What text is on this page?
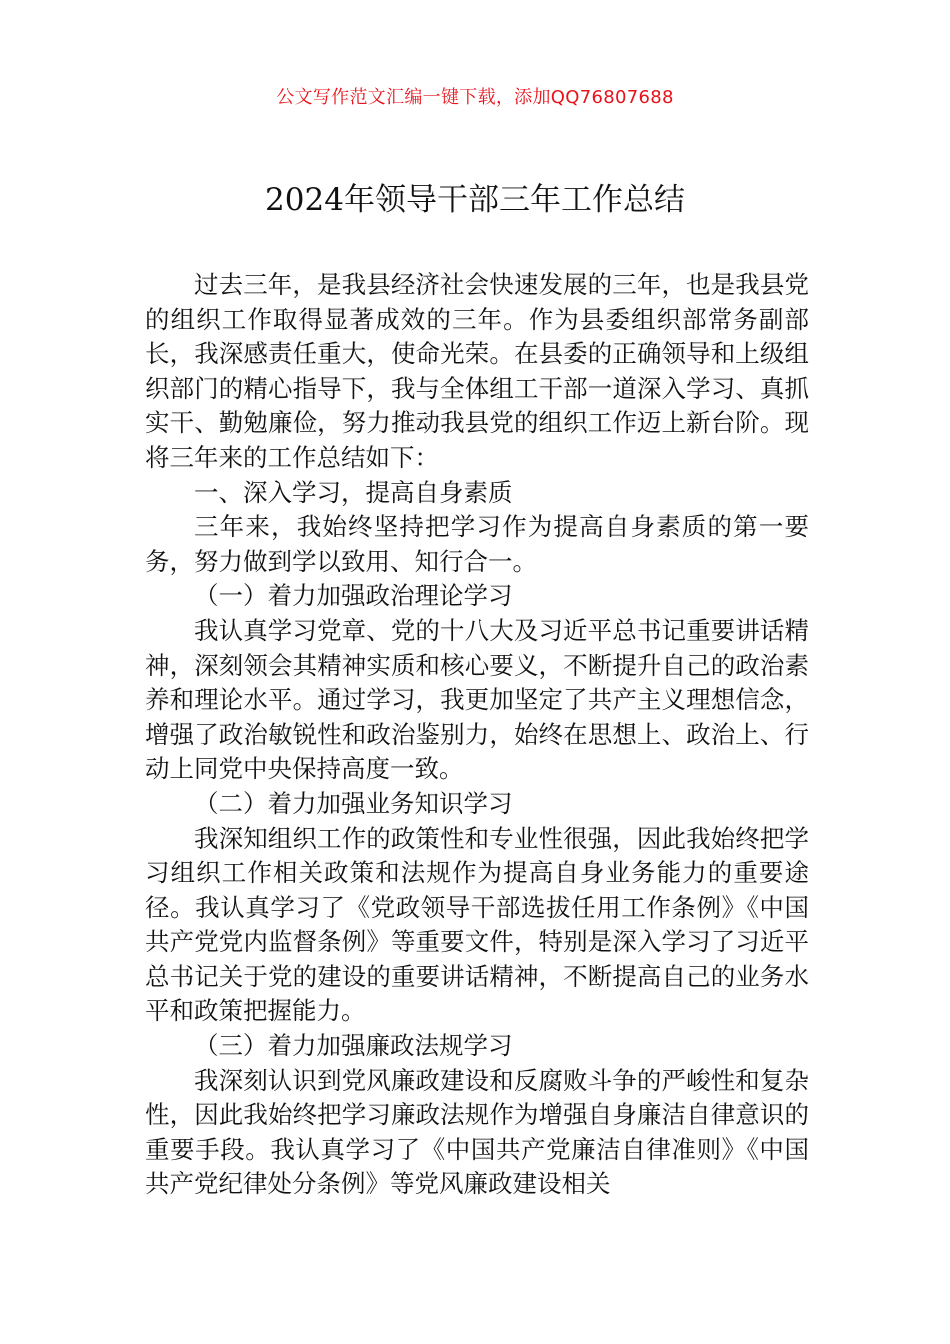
公文写作范文汇编一键下载，添加QQ76807688
2024年领导干部三年工作总结

过去三年，是我县经济社会快速发展的三年，也是我县党的组织工作取得显著成效的三年。作为县委组织部常务副部长，我深感责任重大，使命光荣。在县委的正确领导和上级组织部门的精心指导下，我与全体组工干部一道深入学习、真抓实干、勤勉廉俭，努力推动我县党的组织工作迈上新台阶。现将三年来的工作总结如下：

一、深入学习，提高自身素质

三年来，我始终坚持把学习作为提高自身素质的第一要务，努力做到学以致用、知行合一。

（一）着力加强政治理论学习

我认真学习党章、党的十八大及习近平总书记重要讲话精神，深刻领会其精神实质和核心要义，不断提升自己的政治素养和理论水平。通过学习，我更加坚定了共产主义理想信念，增强了政治敏锐性和政治鉴别力，始终在思想上、政治上、行动上同党中央保持高度一致。

（二）着力加强业务知识学习

我深知组织工作的政策性和专业性很强，因此我始终把学习组织工作相关政策和法规作为提高自身业务能力的重要途径。我认真学习了《党政领导干部选拔任用工作条例》《中国共产党党内监督条例》等重要文件，特别是深入学习了习近平总书记关于党的建设的重要讲话精神，不断提高自己的业务水平和政策把握能力。

（三）着力加强廉政法规学习

我深刻认识到党风廉政建设和反腐败斗争的严峻性和复杂性，因此我始终把学习廉政法规作为增强自身廉洁自律意识的重要手段。我认真学习了《中国共产党廉洁自律准则》《中国共产党纪律处分条例》等党风廉政建设相关
